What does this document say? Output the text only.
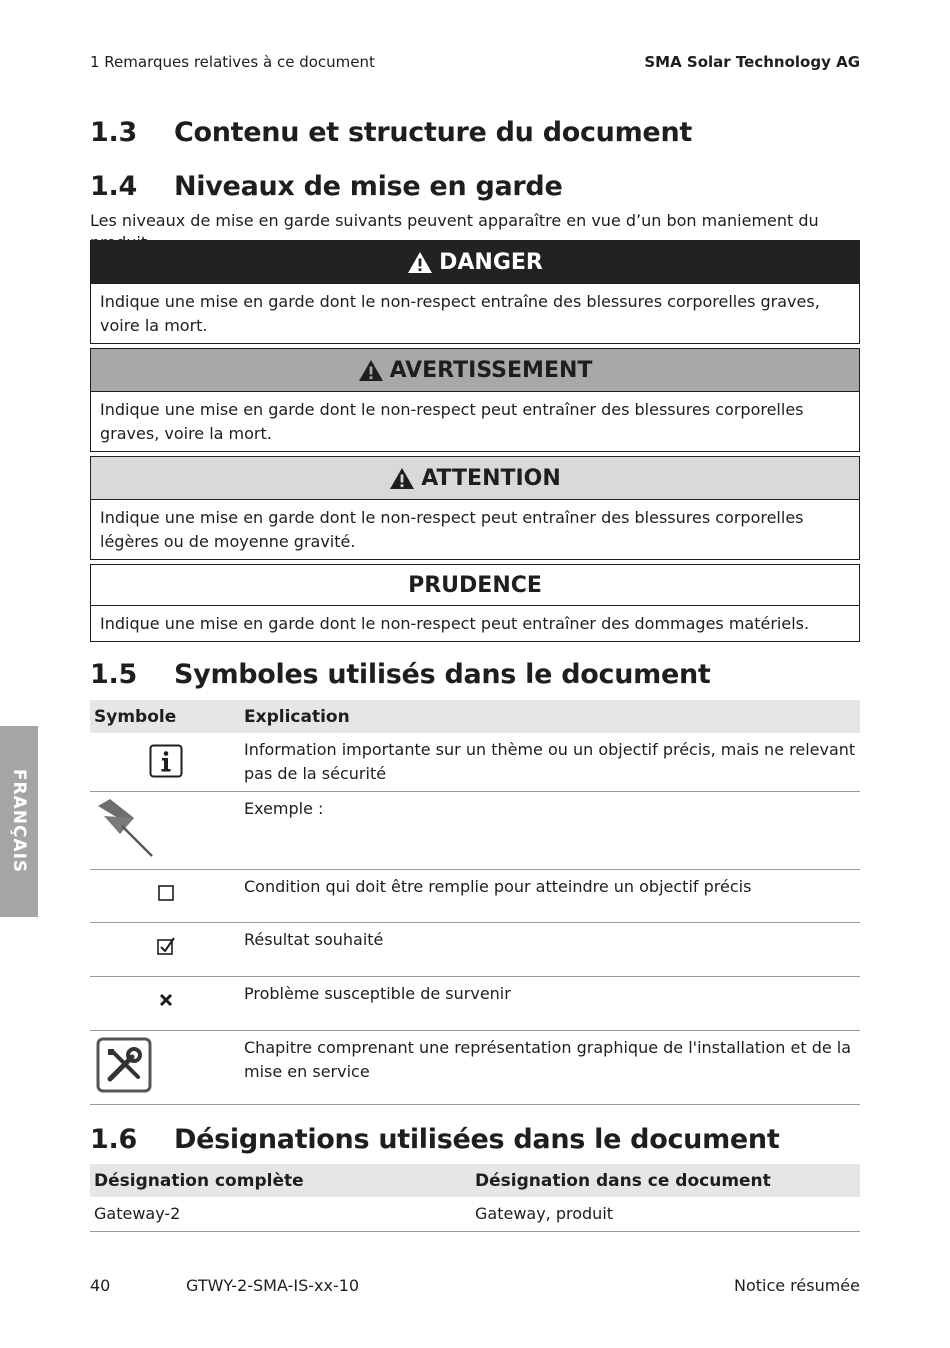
1 Remarques relatives à ce document	SMA Solar Technology AG
1.3 Contenu et structure du document
1.4 Niveaux de mise en garde
Les niveaux de mise en garde suivants peuvent apparaître en vue d’un bon maniement du
DANGER
Indique une mise en garde dont le non-respect entraîne des blessures corporelles graves, voire la mort.
AVERTISSEMENT
Indique une mise en garde dont le non-respect peut entraîner des blessures corporelles graves, voire la mort.
ATTENTION
Indique une mise en garde dont le non-respect peut entraîner des blessures corporelles légères ou de moyenne gravité.
PRUDENCE
Indique une mise en garde dont le non-respect peut entraîner des dommages matériels.
1.5 Symboles utilisés dans le document
Symbole	Explication
Information importante sur un thème ou un objectif précis, mais ne relevant pas de la sécurité
Exemple :
Condition qui doit être remplie pour atteindre un objectif précis
Résultat souhaité
Problème susceptible de survenir
Chapitre comprenant une représentation graphique de l'installation et de la mise en service
FRANÇAIS
1.6 Désignations utilisées dans le document
Désignation complète	Désignation dans ce document
Gateway-2	Gateway, produit
40	GTWY-2-SMA-IS-xx-10	Notice résumée
